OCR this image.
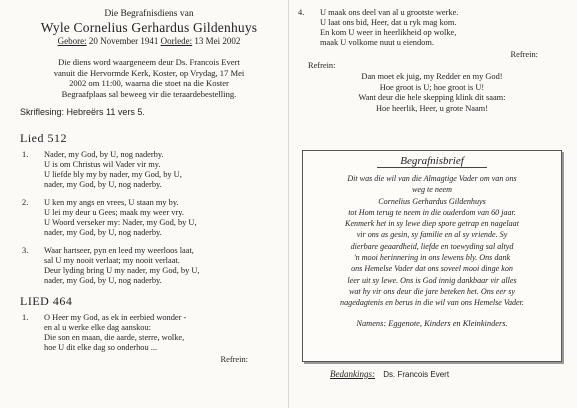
Die Begrafnisdiens van
Wyle Cornelius Gerhardus Gildenhuys
Gebore: 20 November 1941 Oorlede: 13 Mei 2002
Die diens word waargeneem deur Ds. Francois Evert
vanuit die Hervormde Kerk, Koster, op Vrydag, 17 Mei
2002 om 11:00, waarna die stoet na die Koster
Begraafplaas sal beweeg vir die teraardebestelling.
Skriflesing: Hebreërs 11 vers 5.
Lied 512
1.	Nader, my God, by U, nog naderby.
U is om Christus wil Vader vir my.
U liefde bly my by nader, my God, by U,
nader, my God, by U, nog naderby.
2.	U ken my angs en vrees, U staan my by.
U lei my deur u Gees; maak my weer vry.
U Woord verseker my: Nader, my God, by U,
nader, my God, by U, nog naderby.
3.	Waar hartseer, pyn en leed my weerloos laat,
sal U my nooit verlaat; my nooit verlaat.
Deur lyding bring U my nader, my God, by U,
nader, my God, by U, nog naderby.
LIED 464
1.	O Heer my God, as ek in eerbied wonder -
en al u werke elke dag aanskou:
Die son en maan, die aarde, sterre, wolke,
hoe U dit elke dag so onderhou ...
Refrein:
4.	U maak ons deel van al u grootste werke.
U laat ons bid, Heer, dat u ryk mag kom.
En kom U weer in heerlikheid op wolke,
maak U volkome nuut u eiendom.
Refrein:
Refrein:
Dan moet ek juig, my Redder en my God!
Hoe groot is U; hoe groot is U!
Want deur die hele skepping klink dit saam:
Hoe heerlik, Heer, u grote Naam!
Begrafnisbrief
Dit was die wil van die Almagtige Vader om van ons
weg te neem
Cornelius Gerhardus Gildenhuys
tot Hom terug te neem in die ouderdom van 60 jaar.
Kenmerk het in sy lewe diep spore getrap en nagelaat
vir ons as gesin, sy familie en al sy vriende. Sy
dierbare geaardheid, liefde en toewyding sal altyd
'n mooi herinnering in ons lewens bly. Ons dank
ons Hemelse Vader dat ons soveel mooi dinge kon
leer uit sy lewe. Ons is God innig dankbaar vir alles
wat hy vir ons deur die jare beteken het. Ons eer sy
nagedagtenis en berus in die wil van ons Hemelse Vader.
Namens: Eggenote, Kinders en Kleinkinders.
Bedankings: Ds. Francois Evert
